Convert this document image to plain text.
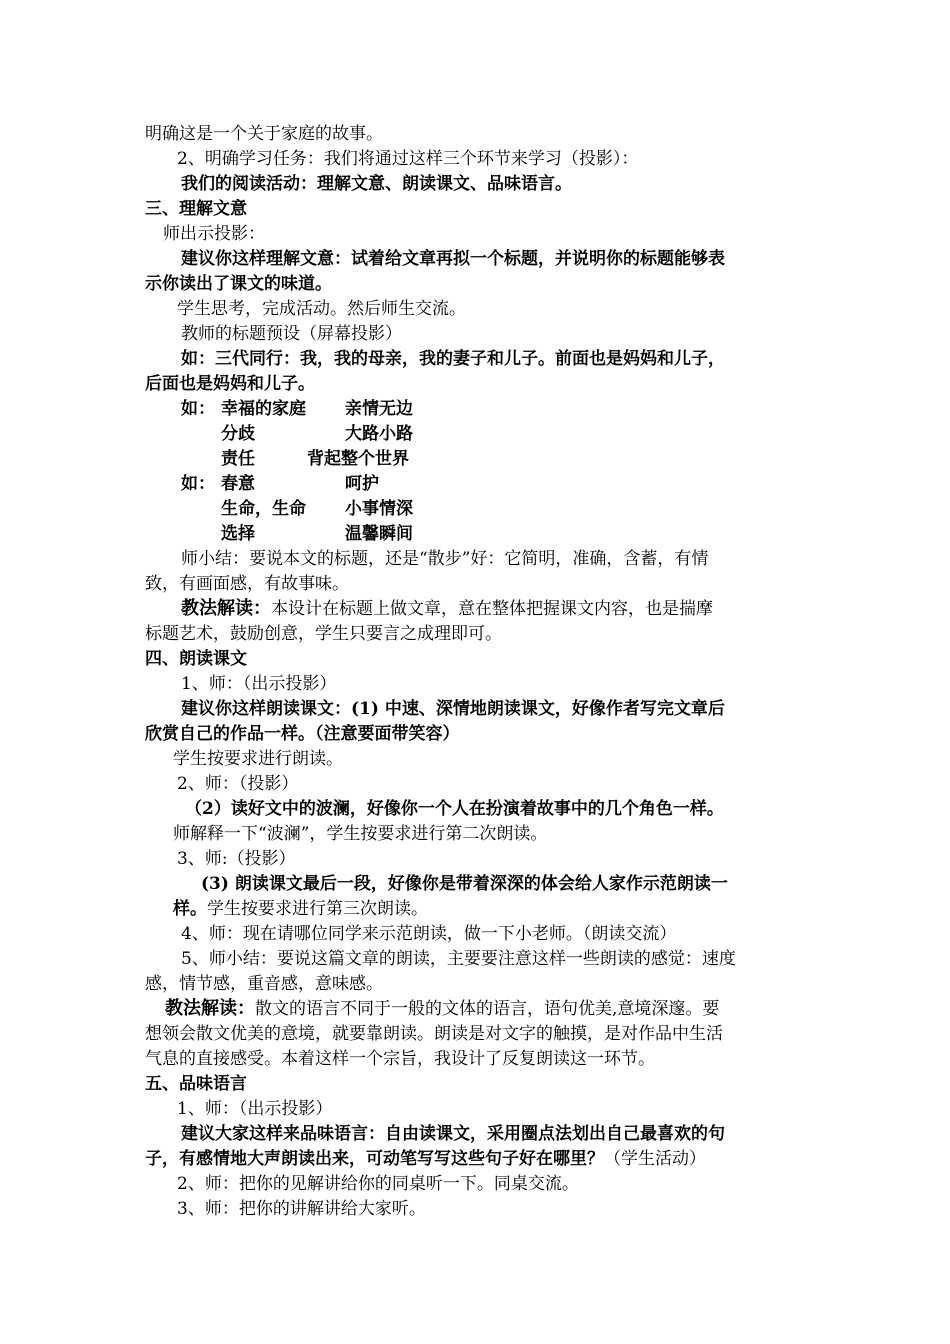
明确这是一个关于家庭的故事。
2、明确学习任务：我们将通过这样三个环节来学习（投影）：
我们的阅读活动：理解文意、朗读课文、品味语言。
三、理解文意
师出示投影：
建议你这样理解文意：试着给文章再拟一个标题，并说明你的标题能够表
示你读出了课文的味道。
学生思考，完成活动。然后师生交流。
教师的标题预设（屏幕投影）
如：三代同行：我，我的母亲，我的妻子和儿子。前面也是妈妈和儿子，
后面也是妈妈和儿子。
如： 幸福的家庭 亲情无边
分歧	大路小路
责任	背起整个世界
如： 春意	呵护
生命，生命 小事情深
选择	温馨瞬间
师小结：要说本文的标题，还是“散步”好：它简明，准确，含蓄，有情
致，有画面感，有故事味。
教法解读：本设计在标题上做文章，意在整体把握课文内容，也是揣摩
标题艺术，鼓励创意，学生只要言之成理即可。
四、朗读课文
1、师：（出示投影）
建议你这样朗读课文：(1) 中速、深情地朗读课文，好像作者写完文章后
欣赏自己的作品一样。（注意要面带笑容）
学生按要求进行朗读。
2、师：（投影）
（2）读好文中的波澜，好像你一个人在扮演着故事中的几个角色一样。
师解释一下“波澜”，学生按要求进行第二次朗读。
3、师:（投影）
(3) 朗读课文最后一段，好像你是带着深深的体会给人家作示范朗读一
样。学生按要求进行第三次朗读。
4、师：现在请哪位同学来示范朗读，做一下小老师。（朗读交流）
5、师小结：要说这篇文章的朗读，主要要注意这样一些朗读的感觉：速度
感，情节感，重音感，意味感。
教法解读：散文的语言不同于一般的文体的语言，语句优美,意境深邃。要
想领会散文优美的意境，就要靠朗读。朗读是对文字的触摸，是对作品中生活
气息的直接感受。本着这样一个宗旨，我设计了反复朗读这一环节。
五、品味语言
1、师：（出示投影）
建议大家这样来品味语言：自由读课文，采用圈点法划出自己最喜欢的句
子，有感情地大声朗读出来，可动笔写写这些句子好在哪里？（学生活动）
2、师：把你的见解讲给你的同桌听一下。同桌交流。
3、师：把你的讲解讲给大家听。
